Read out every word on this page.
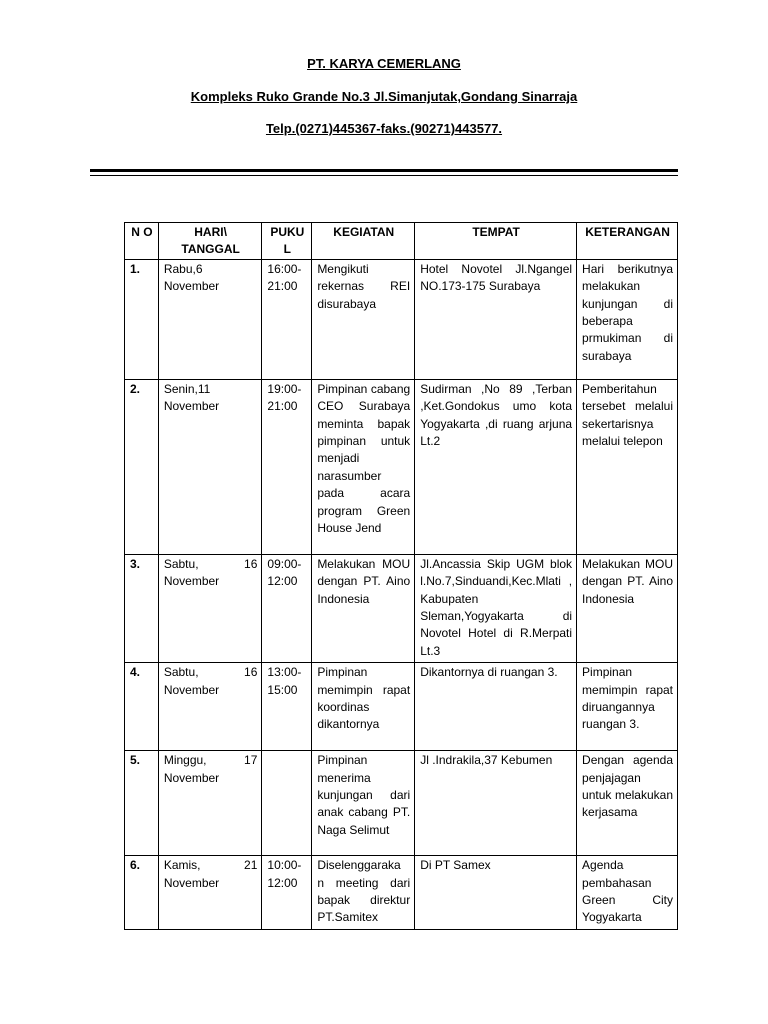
PT. KARYA CEMERLANG
Kompleks Ruko Grande No.3 Jl.Simanjutak,Gondang Sinarraja
Telp.(0271)445367-faks.(90271)443577.
N O	HARI\ TANGGAL	PUKU L	KEGIATAN	TEMPAT	KETERANGAN
1.	Rabu,6 November	16:00-21:00	Mengikuti rekernas REI disurabaya	Hotel Novotel Jl.Ngangel NO.173-175 Surabaya	Hari berikutnya melakukan kunjungan di beberapa prmukiman di surabaya
2.	Senin,11 November	19:00-21:00	Pimpinan cabang CEO Surabaya meminta bapak pimpinan untuk menjadi narasumber pada acara program Green House Jend	Sudirman ,No 89 ,Terban ,Ket.Gondokus umo kota Yogyakarta ,di ruang arjuna Lt.2	Pemberitahun tersebet melalui sekertarisnya melalui telepon
3.	Sabtu, 16 November	09:00-12:00	Melakukan MOU dengan PT. Aino Indonesia	Jl.Ancassia Skip UGM blok l.No.7,Sinduandi,Kec.Mlati , Kabupaten Sleman,Yogyakarta di Novotel Hotel di R.Merpati Lt.3	Melakukan MOU dengan PT. Aino Indonesia
4.	Sabtu, 16 November	13:00-15:00	Pimpinan memimpin rapat koordinas dikantornya	Dikantornya di ruangan 3.	Pimpinan memimpin rapat diruangannya ruangan 3.
5.	Minggu, 17 November		Pimpinan menerima kunjungan dari anak cabang PT. Naga Selimut	Jl .Indrakila,37 Kebumen	Dengan agenda penjajagan untuk melakukan kerjasama
6.	Kamis, 21 November	10:00-12:00	Diselenggaraka n meeting dari bapak direktur PT.Samitex	Di PT Samex	Agenda pembahasan Green City Yogyakarta
